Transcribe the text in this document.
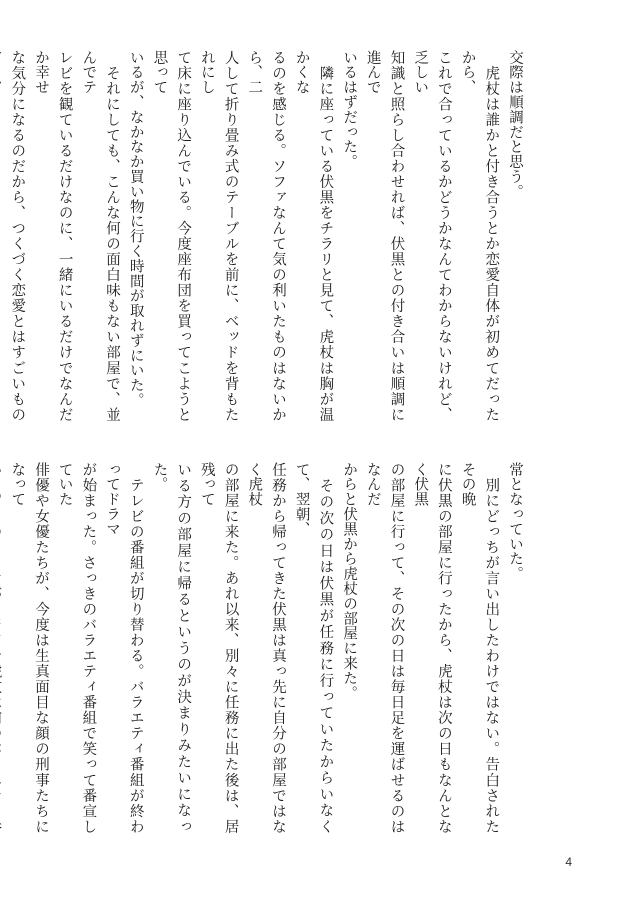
交際は順調だと思う。

　虎杖は誰かと付き合うとか恋愛自体が初めてだったから、
これで合っているかどうかなんてわからないけれど、乏しい
知識と照らし合わせれば、伏黒との付き合いは順調に進んで
いるはずだった。

　隣に座っている伏黒をチラリと見て、虎杖は胸が温かくな
るのを感じる。ソファなんて気の利いたものはないから、二
人して折り畳み式のテーブルを前に、ベッドを背もたれにし
て床に座り込んでいる。今度座布団を買ってこようと思って
いるが、なかなか買い物に行く時間が取れずにいた。

　それにしても、こんな何の面白味もない部屋で、並んでテ
レビを観ているだけなのに、一緒にいるだけでなんだか幸せ
な気分になるのだから、つくづく恋愛とはすごいもの

常となっていた。

　別にどっちが言い出したわけではない。告白されたその晩
に伏黒の部屋に行ったから、虎杖は次の日もなんとなく伏黒
の部屋に行って、その次の日は毎日足を運ばせるのはなんだ
からと伏黒から虎杖の部屋に来た。

　その次の日は伏黒が任務に行っていたからいなくて、翌朝、
任務から帰ってきた伏黒は真っ先に自分の部屋ではなく虎杖
の部屋に来た。あれ以来、別々に任務に出た後は、居残って
いる方の部屋に帰るというのが決まりみたいになった。

　テレビの番組が切り替わる。バラエティ番組が終わってドラマ
が始まった。さっきのバラエティ番組で笑って番宣していた
俳優や女優たちが、今度は生真面目な顔の刑事たちになって

4
